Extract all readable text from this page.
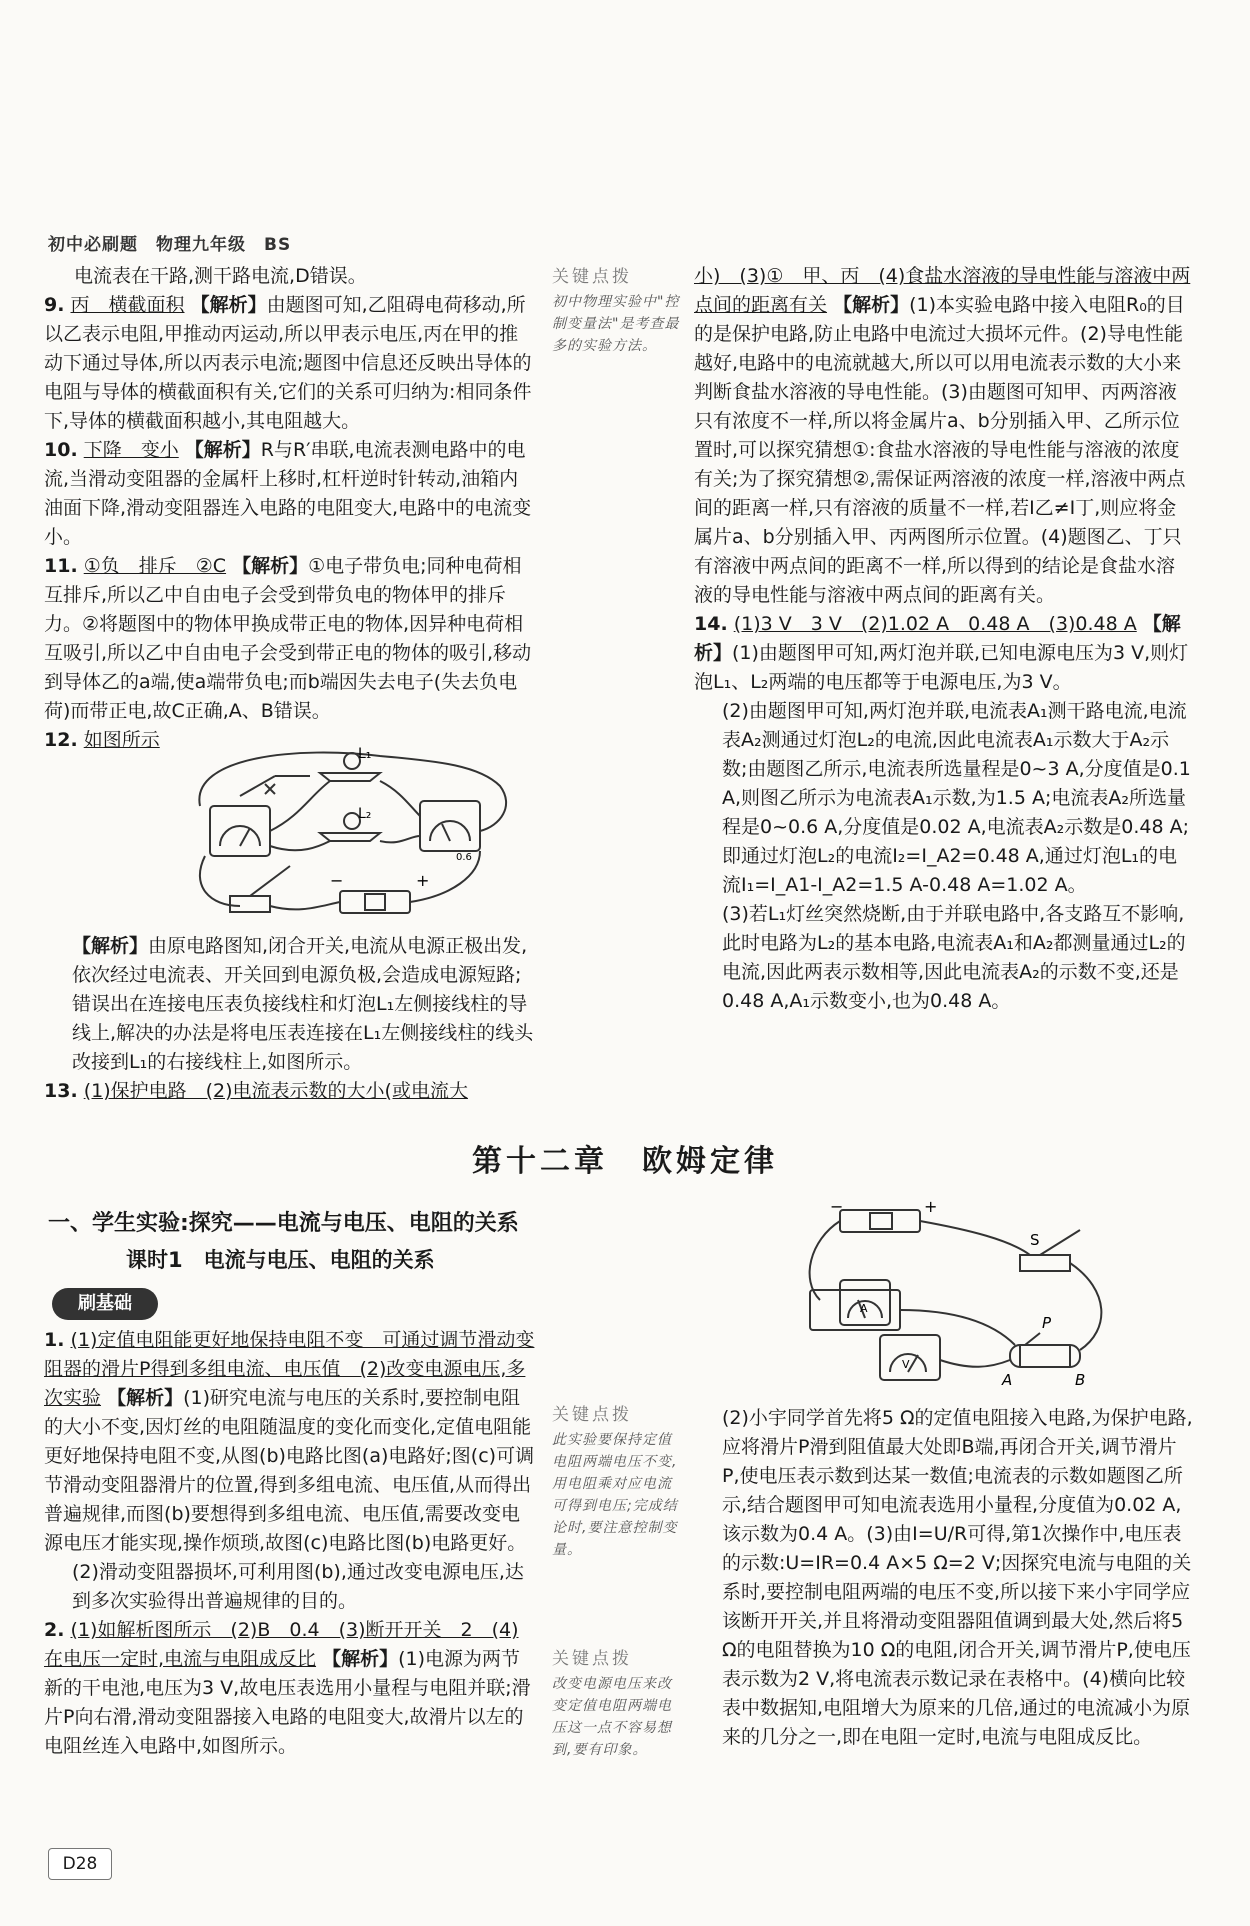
初中必刷题　物理九年级　BS

电流表在干路,测干路电流,D错误。

9. 丙　横截面积 【解析】由题图可知,乙阻碍电荷移动,所以乙表示电阻,甲推动丙运动,所以甲表示电压,丙在甲的推动下通过导体,所以丙表示电流;题图中信息还反映出导体的电阻与导体的横截面积有关,它们的关系可归纳为:相同条件下,导体的横截面积越小,其电阻越大。
10. 下降　变小 【解析】R与R′串联,电流表测电路中的电流,当滑动变阻器的金属杆上移时,杠杆逆时针转动,油箱内油面下降,滑动变阻器连入电路的电阻变大,电路中的电流变小。
11. ①负　排斥　②C 【解析】①电子带负电;同种电荷相互排斥,所以乙中自由电子会受到带负电的物体甲的排斥力。②将题图中的物体甲换成带正电的物体,因异种电荷相互吸引,所以乙中自由电子会受到带正电的物体的吸引,移动到导体乙的a端,使a端带负电;而b端因失去电子(失去负电荷)而带正电,故C正确,A、B错误。
12. 如图所示
L₁
L₂
0.6
−	+
【解析】由原电路图知,闭合开关,电流从电源正极出发,依次经过电流表、开关回到电源负极,会造成电源短路;错误出在连接电压表负接线柱和灯泡L₁左侧接线柱的导线上,解决的办法是将电压表连接在L₁左侧接线柱的线头改接到L₁的右接线柱上,如图所示。
13. (1)保护电路　(2)电流表示数的大小(或电流大
关键点拨
初中物理实验中"控制变量法"是考查最多的实验方法。
小)　(3)①　甲、丙　(4)食盐水溶液的导电性能与溶液中两点间的距离有关 【解析】(1)本实验电路中接入电阻R₀的目的是保护电路,防止电路中电流过大损坏元件。(2)导电性能越好,电路中的电流就越大,所以可以用电流表示数的大小来判断食盐水溶液的导电性能。(3)由题图可知甲、丙两溶液只有浓度不一样,所以将金属片a、b分别插入甲、乙所示位置时,可以探究猜想①:食盐水溶液的导电性能与溶液的浓度有关;为了探究猜想②,需保证两溶液的浓度一样,溶液中两点间的距离一样,只有溶液的质量不一样,若I乙≠I丁,则应将金属片a、b分别插入甲、丙两图所示位置。(4)题图乙、丁只有溶液中两点间的距离不一样,所以得到的结论是食盐水溶液的导电性能与溶液中两点间的距离有关。
14. (1)3 V　3 V　(2)1.02 A　0.48 A　(3)0.48 A 【解析】(1)由题图甲可知,两灯泡并联,已知电源电压为3 V,则灯泡L₁、L₂两端的电压都等于电源电压,为3 V。

(2)由题图甲可知,两灯泡并联,电流表A₁测干路电流,电流表A₂测通过灯泡L₂的电流,因此电流表A₁示数大于A₂示数;由题图乙所示,电流表所选量程是0~3 A,分度值是0.1 A,则图乙所示为电流表A₁示数,为1.5 A;电流表A₂所选量程是0~0.6 A,分度值是0.02 A,电流表A₂示数是0.48 A;即通过灯泡L₂的电流I₂=I_A2=0.48 A,通过灯泡L₁的电流I₁=I_A1-I_A2=1.5 A-0.48 A=1.02 A。

(3)若L₁灯丝突然烧断,由于并联电路中,各支路互不影响,此时电路为L₂的基本电路,电流表A₁和A₂都测量通过L₂的电流,因此两表示数相等,因此电流表A₂的示数不变,还是0.48 A,A₁示数变小,也为0.48 A。

第十二章　欧姆定律
一、学生实验:探究——电流与电压、电阻的关系
课时1　电流与电压、电阻的关系
刷基础
1. (1)定值电阻能更好地保持电阻不变　可通过调节滑动变阻器的滑片P得到多组电流、电压值　(2)改变电源电压,多次实验 【解析】(1)研究电流与电压的关系时,要控制电阻的大小不变,因灯丝的电阻随温度的变化而变化,定值电阻能更好地保持电阻不变,从图(b)电路比图(a)电路好;图(c)可调节滑动变阻器滑片的位置,得到多组电流、电压值,从而得出普遍规律,而图(b)要想得到多组电流、电压值,需要改变电源电压才能实现,操作烦琐,故图(c)电路比图(b)电路更好。

(2)滑动变阻器损坏,可利用图(b),通过改变电源电压,达到多次实验得出普遍规律的目的。

2. (1)如解析图所示　(2)B　0.4　(3)断开开关　2　(4)在电压一定时,电流与电阻成反比 【解析】(1)电源为两节新的干电池,电压为3 V,故电压表选用小量程与电阻并联;滑片P向右滑,滑动变阻器接入电路的电阻变大,故滑片以左的电阻丝连入电路中,如图所示。
关键点拨
此实验要保持定值电阻两端电压不变,用电阻乘对应电流可得到电压;完成结论时,要注意控制变量。
关键点拨
改变电源电压来改变定值电阻两端电压这一点不容易想到,要有印象。
−	+
S
A
V
P
A	B

(2)小宇同学首先将5 Ω的定值电阻接入电路,为保护电路,应将滑片P滑到阻值最大处即B端,再闭合开关,调节滑片P,使电压表示数到达某一数值;电流表的示数如题图乙所示,结合题图甲可知电流表选用小量程,分度值为0.02 A,该示数为0.4 A。(3)由I=U/R可得,第1次操作中,电压表的示数:U=IR=0.4 A×5 Ω=2 V;因探究电流与电阻的关系时,要控制电阻两端的电压不变,所以接下来小宇同学应该断开开关,并且将滑动变阻器阻值调到最大处,然后将5 Ω的电阻替换为10 Ω的电阻,闭合开关,调节滑片P,使电压表示数为2 V,将电流表示数记录在表格中。(4)横向比较表中数据知,电阻增大为原来的几倍,通过的电流减小为原来的几分之一,即在电阻一定时,电流与电阻成反比。

D28
